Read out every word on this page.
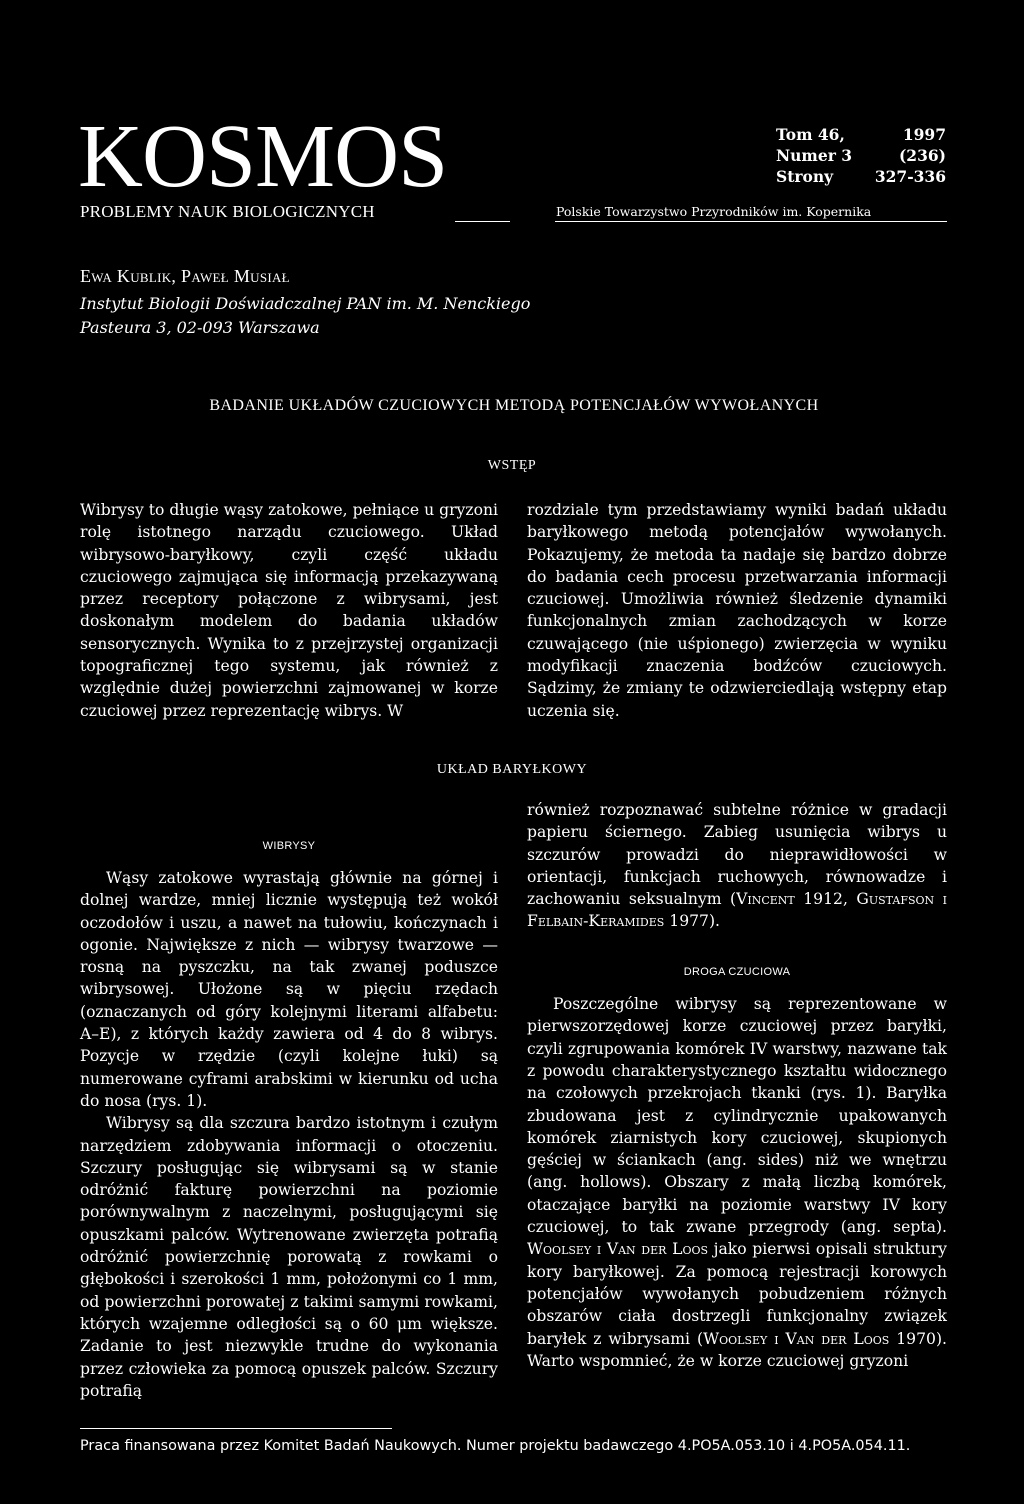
KOSMOS
PROBLEMY NAUK BIOLOGICZNYCH
Tom 46,	1997
Numer 3	(236)
Strony	327-336
Polskie Towarzystwo Przyrodników im. Kopernika
Ewa Kublik, Paweł Musiał
Instytut Biologii Doświadczalnej PAN im. M. Nenckiego
Pasteura 3, 02-093 Warszawa
BADANIE UKŁADÓW CZUCIOWYCH METODĄ POTENCJAŁÓW WYWOŁANYCH
WSTĘP

Wibrysy to długie wąsy zatokowe, pełniące u gryzoni rolę istotnego narządu czuciowego. Układ wibrysowo-baryłkowy, czyli część układu czuciowego zajmująca się informacją przekazywaną przez receptory połączone z wibrysami, jest doskonałym modelem do badania układów sensorycznych. Wynika to z przejrzystej organizacji topograficznej tego systemu, jak również z względnie dużej powierzchni zajmowanej w korze czuciowej przez reprezentację wibrys. W

rozdziale tym przedstawiamy wyniki badań układu baryłkowego metodą potencjałów wywołanych. Pokazujemy, że metoda ta nadaje się bardzo dobrze do badania cech procesu przetwarzania informacji czuciowej. Umożliwia również śledzenie dynamiki funkcjonalnych zmian zachodzących w korze czuwającego (nie uśpionego) zwierzęcia w wyniku modyfikacji znaczenia bodźców czuciowych. Sądzimy, że zmiany te odzwierciedlają wstępny etap uczenia się.

UKŁAD BARYŁKOWY
WIBRYSY

Wąsy zatokowe wyrastają głównie na górnej i dolnej wardze, mniej licznie występują też wokół oczodołów i uszu, a nawet na tułowiu, kończynach i ogonie. Największe z nich — wibrysy twarzowe — rosną na pyszczku, na tak zwanej poduszce wibrysowej. Ułożone są w pięciu rzędach (oznaczanych od góry kolejnymi literami alfabetu: A–E), z których każdy zawiera od 4 do 8 wibrys. Pozycje w rzędzie (czyli kolejne łuki) są numerowane cyframi arabskimi w kierunku od ucha do nosa (rys. 1).

Wibrysy są dla szczura bardzo istotnym i czułym narzędziem zdobywania informacji o otoczeniu. Szczury posługując się wibrysami są w stanie odróżnić fakturę powierzchni na poziomie porównywalnym z naczelnymi, posługującymi się opuszkami palców. Wytrenowane zwierzęta potrafią odróżnić powierzchnię porowatą z rowkami o głębokości i szerokości 1 mm, położonymi co 1 mm, od powierzchni porowatej z takimi samymi rowkami, których wzajemne odległości są o 60 μm większe. Zadanie to jest niezwykle trudne do wykonania przez człowieka za pomocą opuszek palców. Szczury potrafią

również rozpoznawać subtelne różnice w gradacji papieru ściernego. Zabieg usunięcia wibrys u szczurów prowadzi do nieprawidłowości w orientacji, funkcjach ruchowych, równowadze i zachowaniu seksualnym (Vincent 1912, Gustafson i Felbain-Keramides 1977).

DROGA CZUCIOWA

Poszczególne wibrysy są reprezentowane w pierwszorzędowej korze czuciowej przez baryłki, czyli zgrupowania komórek IV warstwy, nazwane tak z powodu charakterystycznego kształtu widocznego na czołowych przekrojach tkanki (rys. 1). Baryłka zbudowana jest z cylindrycznie upakowanych komórek ziarnistych kory czuciowej, skupionych gęściej w ściankach (ang. sides) niż we wnętrzu (ang. hollows). Obszary z małą liczbą komórek, otaczające baryłki na poziomie warstwy IV kory czuciowej, to tak zwane przegrody (ang. septa). Woolsey i Van der Loos jako pierwsi opisali struktury kory baryłkowej. Za pomocą rejestracji korowych potencjałów wywołanych pobudzeniem różnych obszarów ciała dostrzegli funkcjonalny związek baryłek z wibrysami (Woolsey i Van der Loos 1970). Warto wspomnieć, że w korze czuciowej gryzoni

Praca finansowana przez Komitet Badań Naukowych. Numer projektu badawczego 4.PO5A.053.10 i 4.PO5A.054.11.
